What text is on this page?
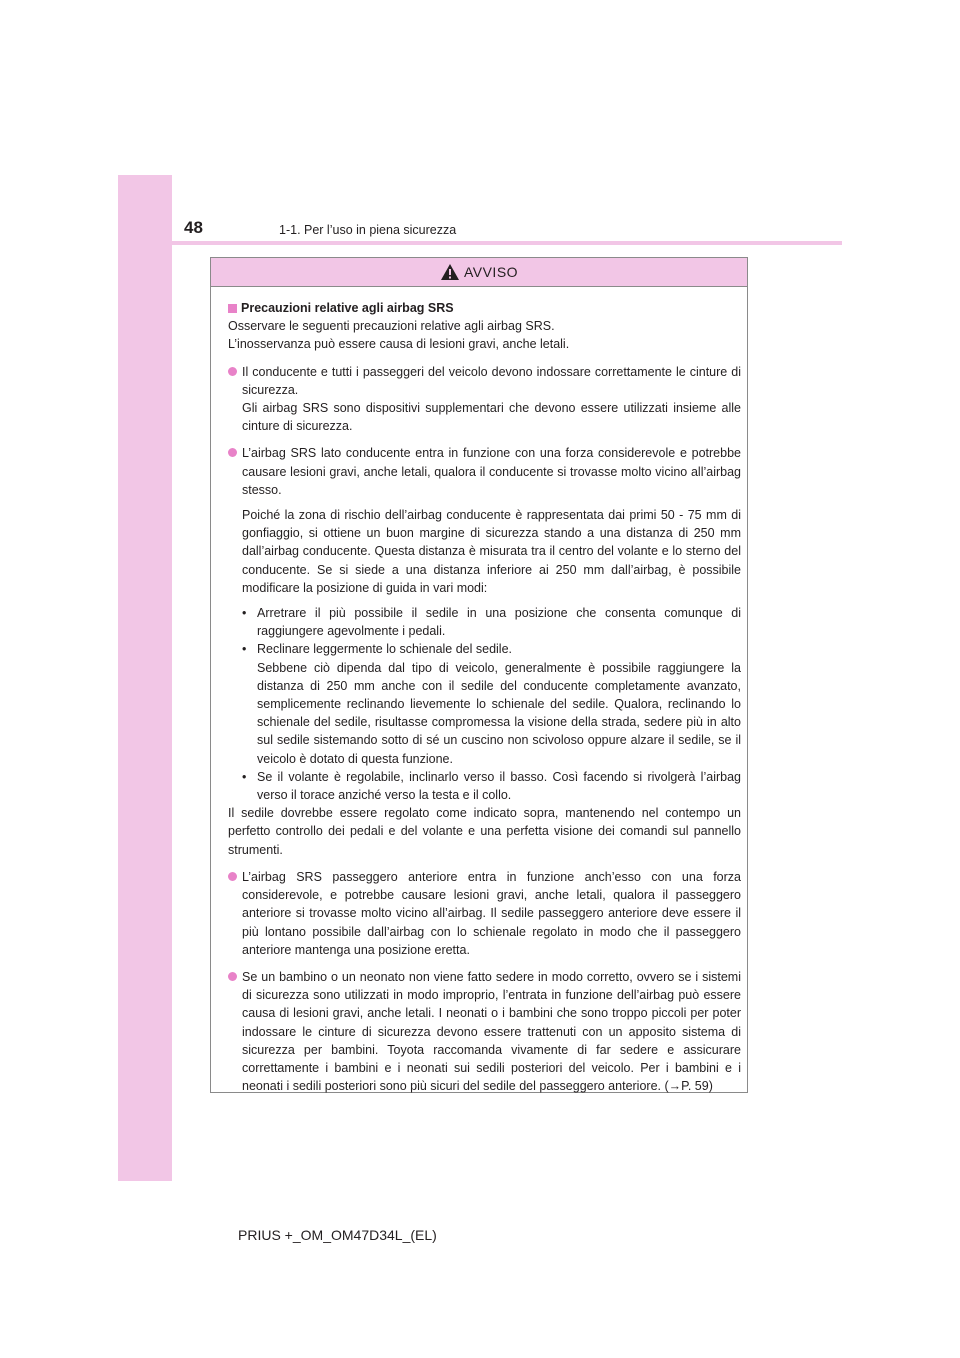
48	1-1. Per l’uso in piena sicurezza
AVVISO
Precauzioni relative agli airbag SRS
Osservare le seguenti precauzioni relative agli airbag SRS.
L’inosservanza può essere causa di lesioni gravi, anche letali.

Il conducente e tutti i passeggeri del veicolo devono indossare correttamente le cinture di sicurezza.

Gli airbag SRS sono dispositivi supplementari che devono essere utilizzati insieme alle cinture di sicurezza.

L’airbag SRS lato conducente entra in funzione con una forza considerevole e potrebbe causare lesioni gravi, anche letali, qualora il conducente si trovasse molto vicino all’airbag stesso.

Poiché la zona di rischio dell’airbag conducente è rappresentata dai primi 50 - 75 mm di gonfiaggio, si ottiene un buon margine di sicurezza stando a una distanza di 250 mm dall’airbag conducente. Questa distanza è misurata tra il centro del volante e lo sterno del conducente. Se si siede a una distanza inferiore ai 250 mm dall’airbag, è possibile modificare la posizione di guida in vari modi:

• Arretrare il più possibile il sedile in una posizione che consenta comunque di raggiungere agevolmente i pedali.
• Reclinare leggermente lo schienale del sedile.
Sebbene ciò dipenda dal tipo di veicolo, generalmente è possibile raggiungere la distanza di 250 mm anche con il sedile del conducente completamente avanzato, semplicemente reclinando lievemente lo schienale del sedile. Qualora, reclinando lo schienale del sedile, risultasse compromessa la visione della strada, sedere più in alto sul sedile sistemando sotto di sé un cuscino non scivoloso oppure alzare il sedile, se il veicolo è dotato di questa funzione.
• Se il volante è regolabile, inclinarlo verso il basso. Così facendo si rivolgerà l’airbag verso il torace anziché verso la testa e il collo.

Il sedile dovrebbe essere regolato come indicato sopra, mantenendo nel contempo un perfetto controllo dei pedali e del volante e una perfetta visione dei comandi sul pannello strumenti.

L’airbag SRS passeggero anteriore entra in funzione anch’esso con una forza considerevole, e potrebbe causare lesioni gravi, anche letali, qualora il passeggero anteriore si trovasse molto vicino all’airbag. Il sedile passeggero anteriore deve essere il più lontano possibile dall’airbag con lo schienale regolato in modo che il passeggero anteriore mantenga una posizione eretta.

Se un bambino o un neonato non viene fatto sedere in modo corretto, ovvero se i sistemi di sicurezza sono utilizzati in modo improprio, l’entrata in funzione dell’airbag può essere causa di lesioni gravi, anche letali. I neonati o i bambini che sono troppo piccoli per poter indossare le cinture di sicurezza devono essere trattenuti con un apposito sistema di sicurezza per bambini. Toyota raccomanda vivamente di far sedere e assicurare correttamente i bambini e i neonati sui sedili posteriori del veicolo. Per i bambini e i neonati i sedili posteriori sono più sicuri del sedile del passeggero anteriore. (→P. 59)

PRIUS +_OM_OM47D34L_(EL)
